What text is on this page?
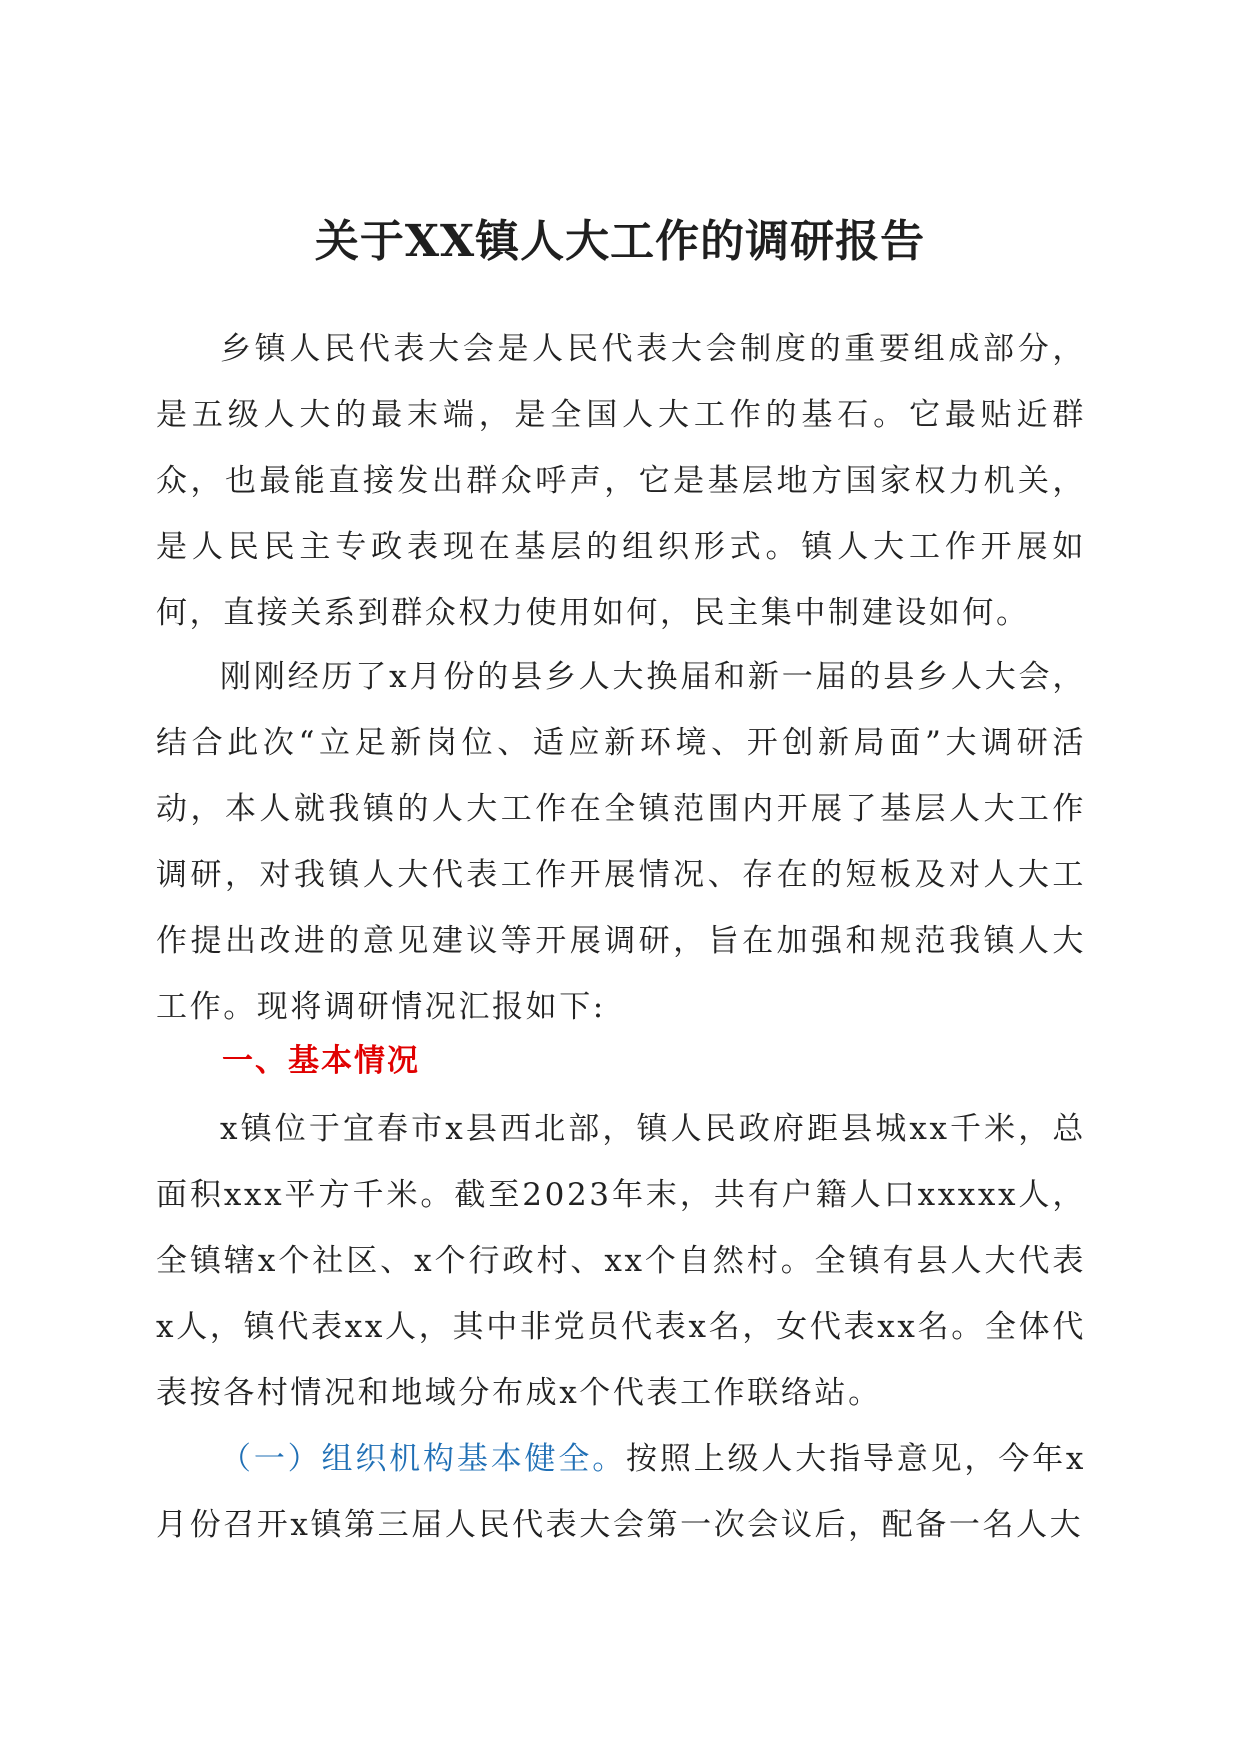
关于XX镇人大工作的调研报告

乡镇人民代表大会是人民代表大会制度的重要组成部分，是五级人大的最末端，是全国人大工作的基石。它最贴近群众，也最能直接发出群众呼声，它是基层地方国家权力机关，是人民民主专政表现在基层的组织形式。镇人大工作开展如何，直接关系到群众权力使用如何，民主集中制建设如何。

刚刚经历了x月份的县乡人大换届和新一届的县乡人大会，结合此次“立足新岗位、适应新环境、开创新局面”大调研活动，本人就我镇的人大工作在全镇范围内开展了基层人大工作调研，对我镇人大代表工作开展情况、存在的短板及对人大工作提出改进的意见建议等开展调研，旨在加强和规范我镇人大工作。现将调研情况汇报如下:

一、基本情况

x镇位于宜春市x县西北部，镇人民政府距县城xx千米，总面积xxx平方千米。截至2023年末，共有户籍人口xxxxx人，全镇辖x个社区、x个行政村、xx个自然村。全镇有县人大代表x人，镇代表xx人，其中非党员代表x名，女代表xx名。全体代表按各村情况和地域分布成x个代表工作联络站。

（一）组织机构基本健全。按照上级人大指导意见，今年x月份召开x镇第三届人民代表大会第一次会议后，配备一名人大
